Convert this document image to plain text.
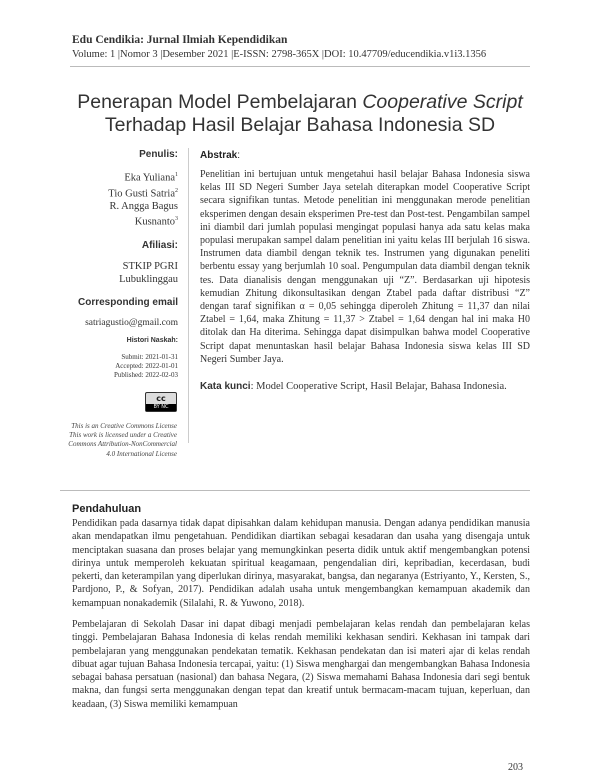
Edu Cendikia: Jurnal Ilmiah Kependidikan
Volume: 1 |Nomor 3 |Desember 2021 |E-ISSN: 2798-365X |DOI: 10.47709/educendikia.v1i3.1356
Penerapan Model Pembelajaran Cooperative Script
Terhadap Hasil Belajar Bahasa Indonesia SD
Penulis:
Eka Yuliana$^1$
Tio Gusti Satria$^2$
R. Angga Bagus
Kusnanto$^3$
Afiliasi:
STKIP PGRI
Lubuklinggau
Corresponding email
satriagustio@gmail.com
Histori Naskah:
Submit: 2021-01-31
Accepted: 2022-01-01
Published: 2022-02-03
cc
BY NC
This is an Creative Commons License This work is licensed under a Creative Commons Attribution-NonCommercial 4.0 International License
Abstrak:
Penelitian ini bertujuan untuk mengetahui hasil belajar Bahasa Indonesia siswa kelas III SD Negeri Sumber Jaya setelah diterapkan model Cooperative Script secara signifikan tuntas. Metode penelitian ini menggunakan merode penelitian eksperimen dengan desain eksperimen Pre-test dan Post-test. Pengambilan sampel ini diambil dari jumlah populasi mengingat populasi hanya ada satu kelas maka populasi merupakan sampel dalam penelitian ini yaitu kelas III berjulah 16 siswa. Instrumen data diambil dengan teknik tes. Instrumen yang digunakan peneliti berbentu essay yang berjumlah 10 soal. Pengumpulan data diambil dengan teknik tes. Data dianalisis dengan menggunakan uji “Z”. Berdasarkan uji hipotesis kemudian Zhitung dikonsultasikan dengan Ztabel pada daftar distribusi “Z” dengan taraf signifikan α = 0,05 sehingga diperoleh Zhitung = 11,37 dan nilai Ztabel = 1,64, maka Zhitung = 11,37 > Ztabel = 1,64 dengan hal ini maka H0 ditolak dan Ha diterima. Sehingga dapat disimpulkan bahwa model Cooperative Script dapat menuntaskan hasil belajar Bahasa Indonesia siswa kelas III SD Negeri Sumber Jaya.
Kata kunci: Model Cooperative Script, Hasil Belajar, Bahasa Indonesia.
Pendahuluan
Pendidikan pada dasarnya tidak dapat dipisahkan dalam kehidupan manusia. Dengan adanya pendidikan manusia akan mendapatkan ilmu pengetahuan. Pendidikan diartikan sebagai kesadaran dan usaha yang disengaja untuk menciptakan suasana dan proses belajar yang memungkinkan peserta didik untuk aktif mengembangkan potensi dirinya untuk memperoleh kekuatan spiritual keagamaan, pengendalian diri, kepribadian, kecerdasan, budi pekerti, dan keterampilan yang diperlukan dirinya, masyarakat, bangsa, dan negaranya (Estriyanto, Y., Kersten, S., Pardjono, P., & Sofyan, 2017). Pendidikan adalah usaha untuk mengembangkan kemampuan akademik dan kemampuan nonakademik (Silalahi, R. & Yuwono, 2018).
Pembelajaran di Sekolah Dasar ini dapat dibagi menjadi pembelajaran kelas rendah dan pembelajaran kelas tinggi. Pembelajaran Bahasa Indonesia di kelas rendah memiliki kekhasan sendiri. Kekhasan ini tampak dari pembelajaran yang menggunakan pendekatan tematik. Kekhasan pendekatan dan isi materi ajar di kelas rendah dibuat agar tujuan Bahasa Indonesia tercapai, yaitu: (1) Siswa menghargai dan mengembangkan Bahasa Indonesia sebagai bahasa persatuan (nasional) dan bahasa Negara, (2) Siswa memahami Bahasa Indonesia dari segi bentuk makna, dan fungsi serta menggunakan dengan tepat dan kreatif untuk bermacam-macam tujuan, keperluan, dan keadaan, (3) Siswa memiliki kemampuan
203
